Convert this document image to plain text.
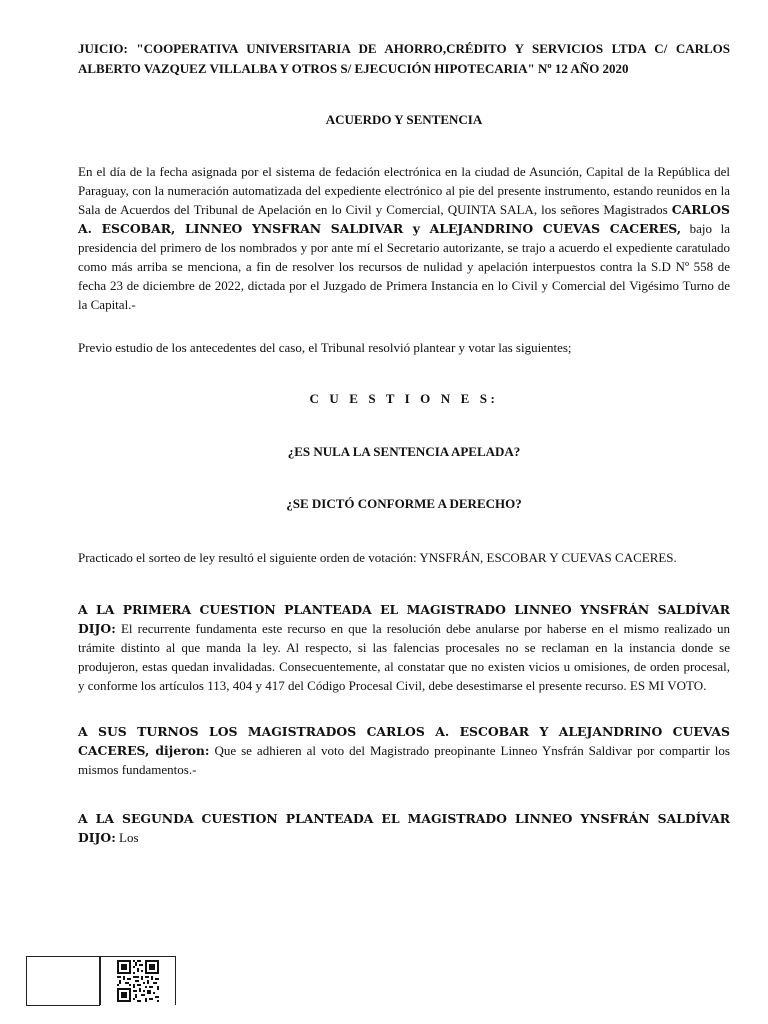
JUICIO: "COOPERATIVA UNIVERSITARIA DE AHORRO,CRÉDITO Y SERVICIOS LTDA C/ CARLOS ALBERTO VAZQUEZ VILLALBA Y OTROS S/ EJECUCIÓN HIPOTECARIA" Nº 12 AÑO 2020
ACUERDO Y SENTENCIA
En el día de la fecha asignada por el sistema de fedación electrónica en la ciudad de Asunción, Capital de la República del Paraguay, con la numeración automatizada del expediente electrónico al pie del presente instrumento, estando reunidos en la Sala de Acuerdos del Tribunal de Apelación en lo Civil y Comercial, QUINTA SALA, los señores Magistrados CARLOS A. ESCOBAR, LINNEO YNSFRAN SALDIVAR y ALEJANDRINO CUEVAS CACERES, bajo la presidencia del primero de los nombrados y por ante mí el Secretario autorizante, se trajo a acuerdo el expediente caratulado como más arriba se menciona, a fin de resolver los recursos de nulidad y apelación interpuestos contra la S.D Nº 558 de fecha 23 de diciembre de 2022, dictada por el Juzgado de Primera Instancia en lo Civil y Comercial del Vigésimo Turno de la Capital.-
Previo estudio de los antecedentes del caso, el Tribunal resolvió plantear y votar las siguientes;
C U E S T I O N E S:
¿ES NULA LA SENTENCIA APELADA?
¿SE DICTÓ CONFORME A DERECHO?
Practicado el sorteo de ley resultó el siguiente orden de votación: YNSFRÁN, ESCOBAR Y CUEVAS CACERES.
A LA PRIMERA CUESTION PLANTEADA EL MAGISTRADO LINNEO YNSFRÁN SALDÍVAR DIJO: El recurrente fundamenta este recurso en que la resolución debe anularse por haberse en el mismo realizado un trámite distinto al que manda la ley. Al respecto, si las falencias procesales no se reclaman en la instancia donde se produjeron, estas quedan invalidadas. Consecuentemente, al constatar que no existen vicios u omisiones, de orden procesal, y conforme los artículos 113, 404 y 417 del Código Procesal Civil, debe desestimarse el presente recurso. ES MI VOTO.
A SUS TURNOS LOS MAGISTRADOS CARLOS A. ESCOBAR Y ALEJANDRINO CUEVAS CACERES, dijeron: Que se adhieren al voto del Magistrado preopinante Linneo Ynsfrán Saldivar por compartir los mismos fundamentos.-
A LA SEGUNDA CUESTION PLANTEADA EL MAGISTRADO LINNEO YNSFRÁN SALDÍVAR DIJO: Los
